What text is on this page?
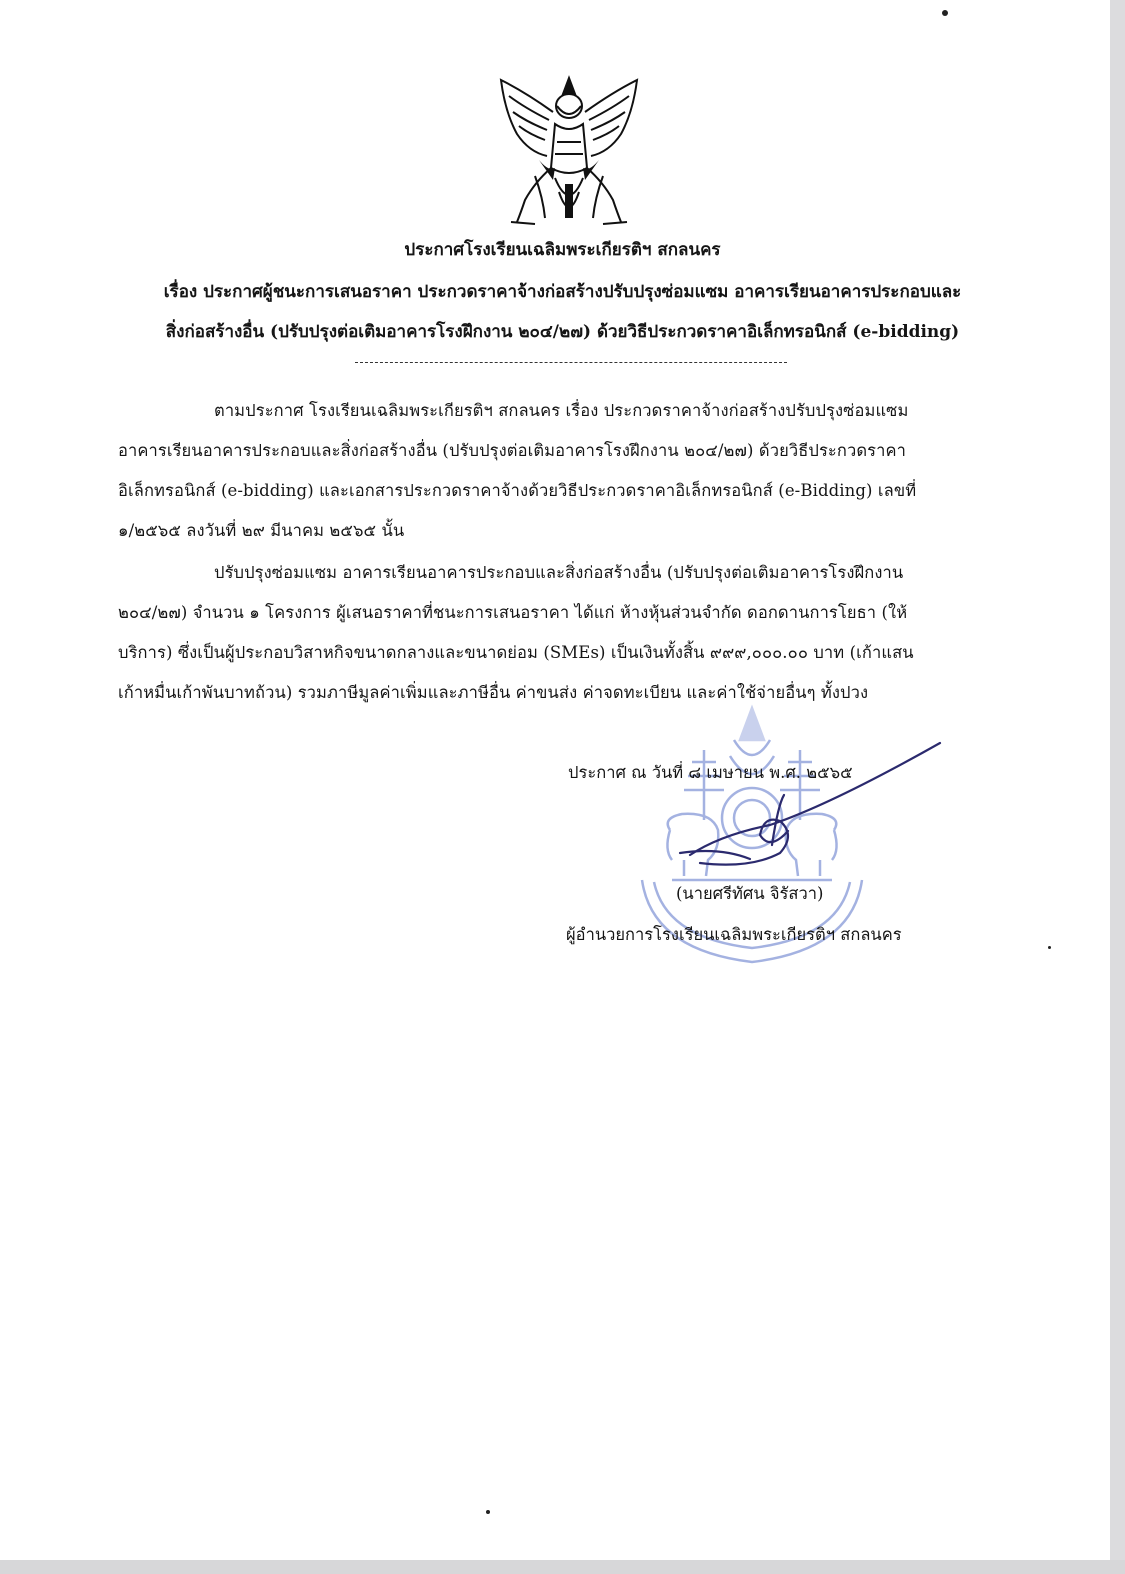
ประกาศโรงเรียนเฉลิมพระเกียรติฯ สกลนคร
เรื่อง ประกาศผู้ชนะการเสนอราคา ประกวดราคาจ้างก่อสร้างปรับปรุงซ่อมแซม อาคารเรียนอาคารประกอบและ
สิ่งก่อสร้างอื่น (ปรับปรุงต่อเติมอาคารโรงฝึกงาน ๒๐๔/๒๗) ด้วยวิธีประกวดราคาอิเล็กทรอนิกส์ (e-bidding)
ตามประกาศ โรงเรียนเฉลิมพระเกียรติฯ สกลนคร เรื่อง ประกวดราคาจ้างก่อสร้างปรับปรุงซ่อมแซม
อาคารเรียนอาคารประกอบและสิ่งก่อสร้างอื่น (ปรับปรุงต่อเติมอาคารโรงฝึกงาน ๒๐๔/๒๗) ด้วยวิธีประกวดราคา
อิเล็กทรอนิกส์ (e-bidding) และเอกสารประกวดราคาจ้างด้วยวิธีประกวดราคาอิเล็กทรอนิกส์ (e-Bidding) เลขที่
๑/๒๕๖๕ ลงวันที่ ๒๙ มีนาคม ๒๕๖๕ นั้น
ปรับปรุงซ่อมแซม อาคารเรียนอาคารประกอบและสิ่งก่อสร้างอื่น (ปรับปรุงต่อเติมอาคารโรงฝึกงาน
๒๐๔/๒๗) จำนวน ๑ โครงการ ผู้เสนอราคาที่ชนะการเสนอราคา ได้แก่ ห้างหุ้นส่วนจำกัด ดอกดานการโยธา (ให้
บริการ) ซึ่งเป็นผู้ประกอบวิสาหกิจขนาดกลางและขนาดย่อม (SMEs) เป็นเงินทั้งสิ้น ๙๙๙,๐๐๐.๐๐ บาท (เก้าแสน
เก้าหมื่นเก้าพันบาทถ้วน) รวมภาษีมูลค่าเพิ่มและภาษีอื่น ค่าขนส่ง ค่าจดทะเบียน และค่าใช้จ่ายอื่นๆ ทั้งปวง
ประกาศ ณ วันที่ ๘ เมษายน พ.ศ. ๒๕๖๕
(นายศรีทัศน จิรัสวา)
ผู้อำนวยการโรงเรียนเฉลิมพระเกียรติฯ สกลนคร
